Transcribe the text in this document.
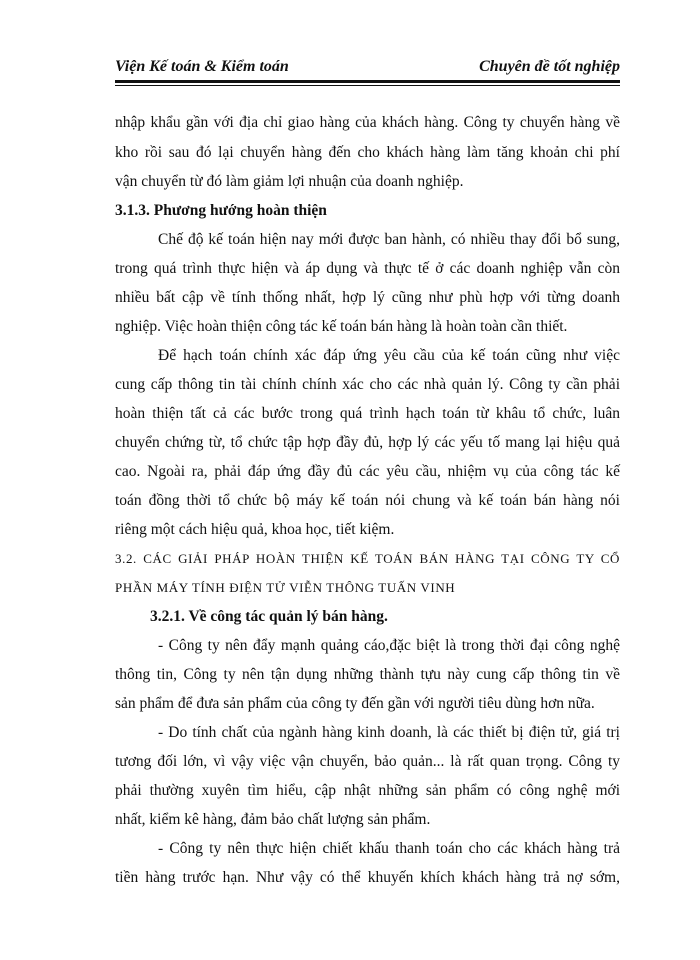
Viện Kế toán & Kiểm toán	Chuyên đề tốt nghiệp
nhập khẩu gần với địa chỉ giao hàng của khách hàng. Công ty chuyển hàng về
kho rồi sau đó lại chuyển hàng đến cho khách hàng làm tăng khoản chi phí
vận chuyển từ đó làm giảm lợi nhuận của doanh nghiệp.
3.1.3. Phương hướng hoàn thiện
Chế độ kế toán hiện nay mới được ban hành, có nhiều thay đổi bổ sung,
trong quá trình thực hiện và áp dụng và thực tế ở các doanh nghiệp vẫn còn
nhiều bất cập về tính thống nhất, hợp lý cũng như phù hợp với từng doanh
nghiệp. Việc hoàn thiện công tác kế toán bán hàng là hoàn toàn cần thiết.
Để hạch toán chính xác đáp ứng yêu cầu của kế toán cũng như việc
cung cấp thông tin tài chính chính xác cho các nhà quản lý. Công ty cần phải
hoàn thiện tất cả các bước trong quá trình hạch toán từ khâu tổ chức, luân
chuyển chứng từ, tổ chức tập hợp đầy đủ, hợp lý các yếu tố mang lại hiệu quả
cao. Ngoài ra, phải đáp ứng đầy đủ các yêu cầu, nhiệm vụ của công tác kế
toán đồng thời tổ chức bộ máy kế toán nói chung và kế toán bán hàng nói
riêng một cách hiệu quả, khoa học, tiết kiệm.
3.2. CÁC GIẢI PHÁP HOÀN THIỆN KẾ TOÁN BÁN HÀNG TẠI CÔNG TY CỔ
PHẦN MÁY TÍNH ĐIỆN TỬ VIỄN THÔNG TUẤN VINH
3.2.1. Về công tác quản lý bán hàng.
- Công ty nên đẩy mạnh quảng cáo,đặc biệt là trong thời đại công nghệ
thông tin, Công ty nên tận dụng những thành tựu này cung cấp thông tin về
sản phẩm để đưa sản phẩm của công ty đến gần với người tiêu dùng hơn nữa.
- Do tính chất của ngành hàng kinh doanh, là các thiết bị điện tử, giá trị
tương đối lớn, vì vậy việc vận chuyển, bảo quản... là rất quan trọng. Công ty
phải thường xuyên tìm hiểu, cập nhật những sản phẩm có công nghệ mới
nhất, kiểm kê hàng, đảm bảo chất lượng sản phẩm.
- Công ty nên thực hiện chiết khấu thanh toán cho các khách hàng trả
tiền hàng trước hạn. Như vậy có thể khuyến khích khách hàng trả nợ sớm,
